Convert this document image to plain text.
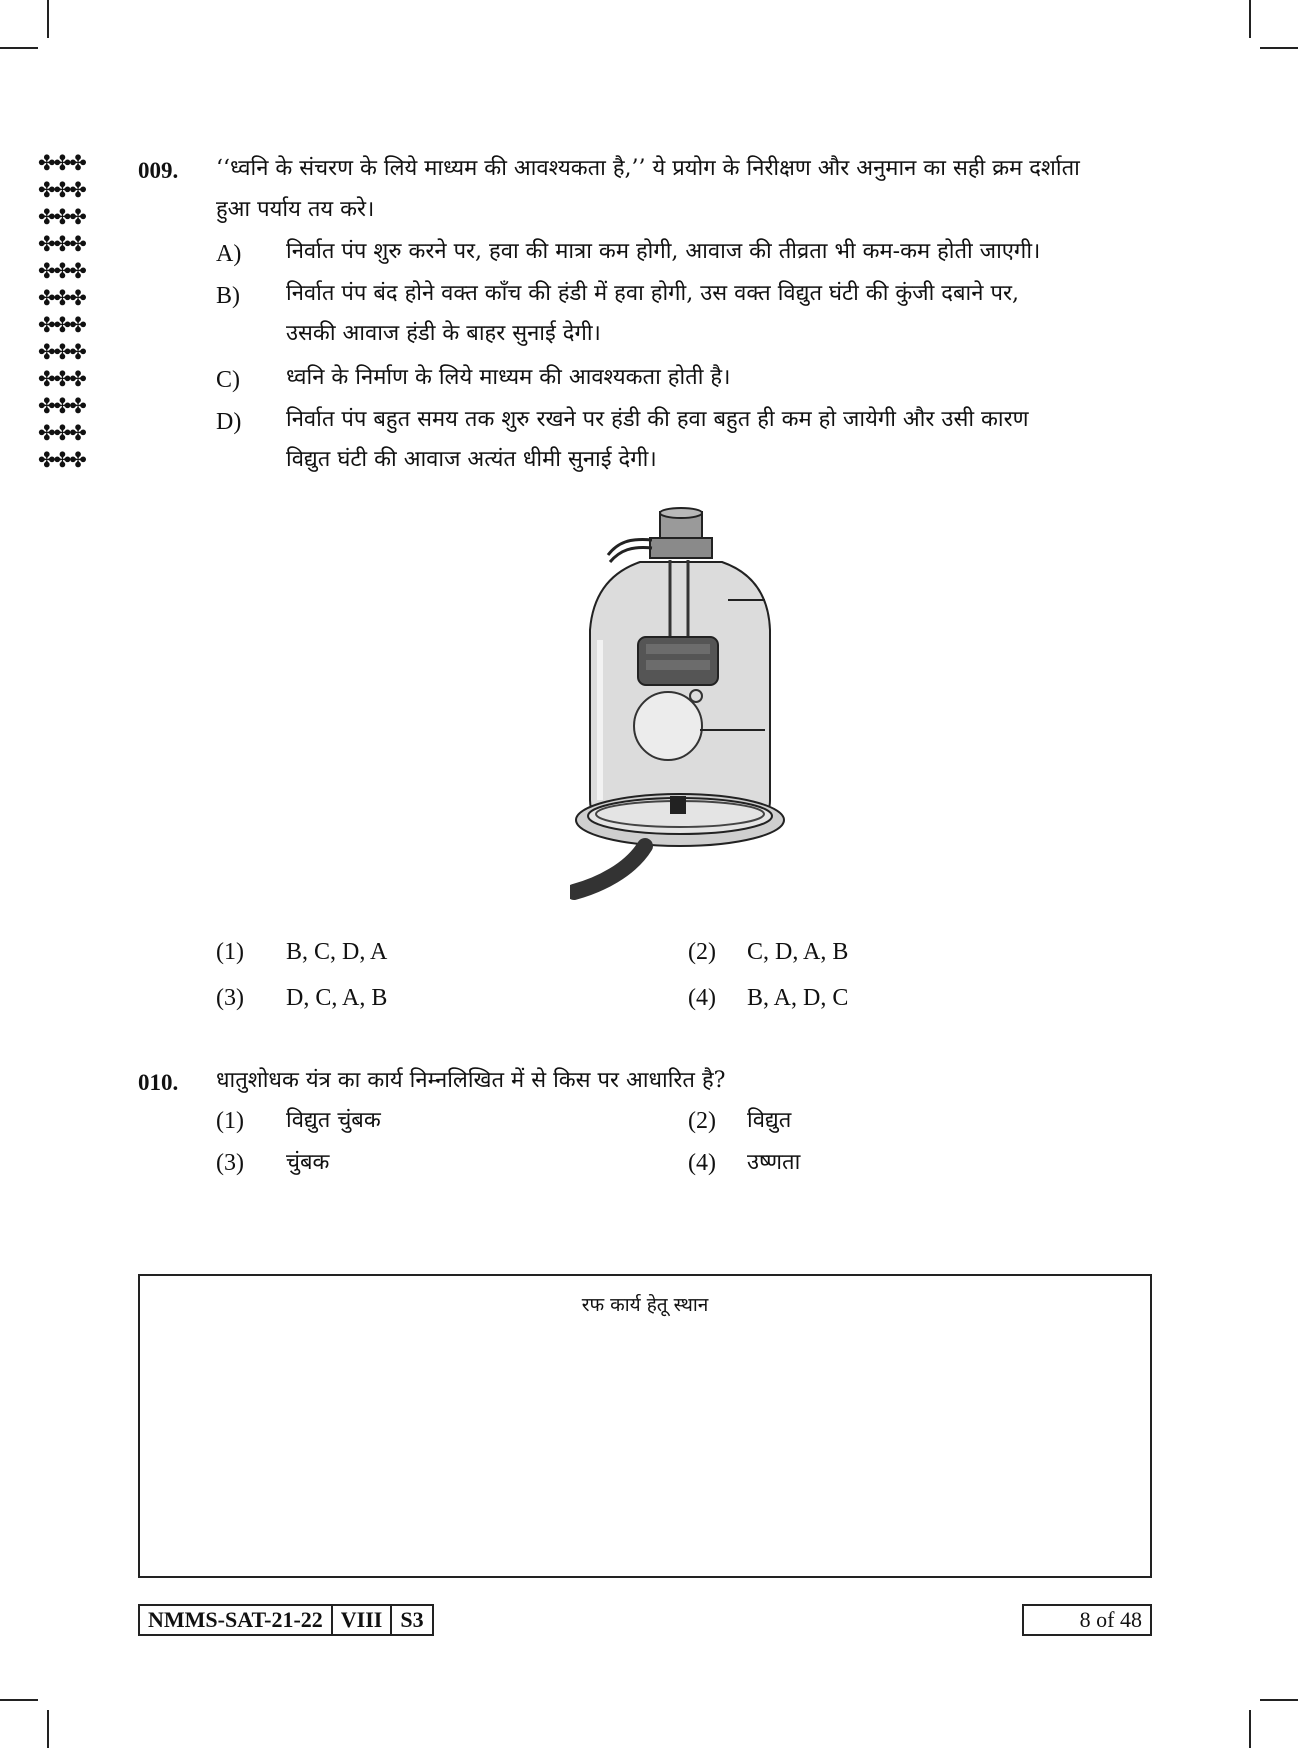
✤✤✤
✤✤✤
✤✤✤
✤✤✤
✤✤✤
✤✤✤
✤✤✤
✤✤✤
✤✤✤
✤✤✤
✤✤✤
✤✤✤
009. ‘‘ध्वनि के संचरण के लिये माध्यम की आवश्यकता है,’’ ये प्रयोग के निरीक्षण और अनुमान का सही क्रम दर्शाता
हुआ पर्याय तय करे।
A) निर्वात पंप शुरु करने पर, हवा की मात्रा कम होगी, आवाज की तीव्रता भी कम-कम होती जाएगी।
B) निर्वात पंप बंद होने वक्त काँच की हंडी में हवा होगी, उस वक्त विद्युत घंटी की कुंजी दबाने पर,
उसकी आवाज हंडी के बाहर सुनाई देगी।
C) ध्वनि के निर्माण के लिये माध्यम की आवश्यकता होती है।
D) निर्वात पंप बहुत समय तक शुरु रखने पर हंडी की हवा बहुत ही कम हो जायेगी और उसी कारण
विद्युत घंटी की आवाज अत्यंत धीमी सुनाई देगी।
(1) B, C, D, A	(2) C, D, A, B
(3) D, C, A, B	(4) B, A, D, C
010. धातुशोधक यंत्र का कार्य निम्नलिखित में से किस पर आधारित है?
(1) विद्युत चुंबक	(2) विद्युत
(3) चुंबक	(4) उष्णता
रफ कार्य हेतू स्थान
NMMS-SAT-21-22 VIII S3	8 of 48
